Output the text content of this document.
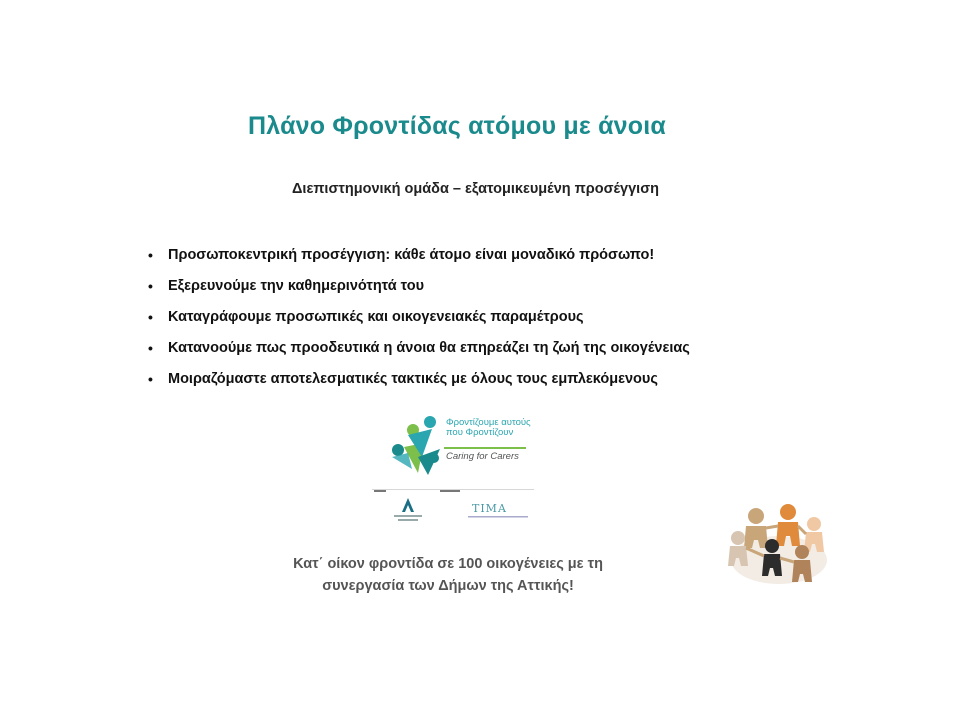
Πλάνο Φροντίδας ατόμου με άνοια
Διεπιστημονική ομάδα – εξατομικευμένη προσέγγιση
• Προσωποκεντρική προσέγγιση: κάθε άτομο είναι μοναδικό πρόσωπο!
• Εξερευνούμε την καθημερινότητά του
• Καταγράφουμε προσωπικές και οικογενειακές παραμέτρους
• Κατανοούμε πως προοδευτικά η άνοια θα επηρεάζει τη ζωή της οικογένειας
• Μοιραζόμαστε αποτελεσματικές τακτικές με όλους τους εμπλεκόμενους
Φροντίζουμε αυτούς
που Φροντίζουν
Caring for Carers
TIMA
Κατ΄ οίκον φροντίδα σε 100 οικογένειες με τη
συνεργασία των Δήμων της Αττικής!
